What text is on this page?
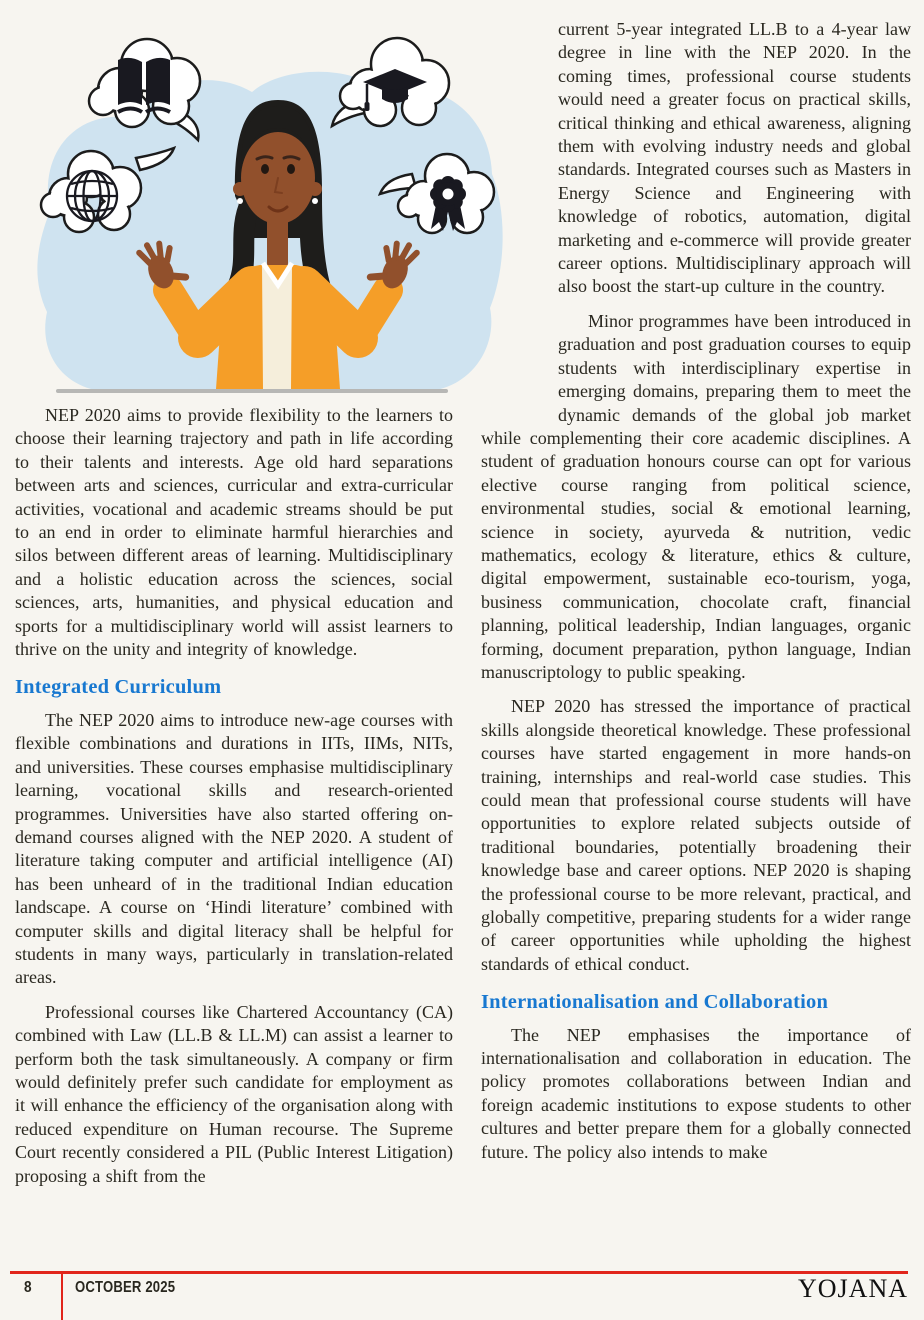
NEP 2020 aims to provide flexibility to the learners to choose their learning trajectory and path in life according to their talents and interests. Age old hard separations between arts and sciences, curricular and extra-curricular activities, vocational and academic streams should be put to an end in order to eliminate harmful hierarchies and silos between different areas of learning. Multidisciplinary and a holistic education across the sciences, social sciences, arts, humanities, and physical education and sports for a multidisciplinary world will assist learners to thrive on the unity and integrity of knowledge.

Integrated Curriculum

The NEP 2020 aims to introduce new-age courses with flexible combinations and durations in IITs, IIMs, NITs, and universities. These courses emphasise multidisciplinary learning, vocational skills and research-oriented programmes. Universities have also started offering on-demand courses aligned with the NEP 2020. A student of literature taking computer and artificial intelligence (AI) has been unheard of in the traditional Indian education landscape. A course on ‘Hindi literature’ combined with computer skills and digital literacy shall be helpful for students in many ways, particularly in translation-related areas.

Professional courses like Chartered Accountancy (CA) combined with Law (LL.B & LL.M) can assist a learner to perform both the task simultaneously. A company or firm would definitely prefer such candidate for employment as it will enhance the efficiency of the organisation along with reduced expenditure on Human recourse. The Supreme Court recently considered a PIL (Public Interest Litigation) proposing a shift from the

current 5-year integrated LL.B to a 4-year law degree in line with the NEP 2020. In the coming times, professional course students would need a greater focus on practical skills, critical thinking and ethical awareness, aligning them with evolving industry needs and global standards. Integrated courses such as Masters in Energy Science and Engineering with knowledge of robotics, automation, digital marketing and e-commerce will provide greater career options. Multidisciplinary approach will also boost the start-up culture in the country.

Minor programmes have been introduced in graduation and post graduation courses to equip students with interdisciplinary expertise in emerging domains, preparing them to meet the dynamic demands of the global job market while complementing their core academic disciplines. A student of graduation honours course can opt for various elective course ranging from political science, environmental studies, social & emotional learning, science in society, ayurveda & nutrition, vedic mathematics, ecology & literature, ethics & culture, digital empowerment, sustainable eco-tourism, yoga, business communication, chocolate craft, financial planning, political leadership, Indian languages, organic forming, document preparation, python language, Indian manuscriptology to public speaking.

NEP 2020 has stressed the importance of practical skills alongside theoretical knowledge. These professional courses have started engagement in more hands-on training, internships and real-world case studies. This could mean that professional course students will have opportunities to explore related subjects outside of traditional boundaries, potentially broadening their knowledge base and career options. NEP 2020 is shaping the professional course to be more relevant, practical, and globally competitive, preparing students for a wider range of career opportunities while upholding the highest standards of ethical conduct.

Internationalisation and Collaboration

The NEP emphasises the importance of internationalisation and collaboration in education. The policy promotes collaborations between Indian and foreign academic institutions to expose students to other cultures and better prepare them for a globally connected future. The policy also intends to make

8	OCTOBER 2025	YOJANA
